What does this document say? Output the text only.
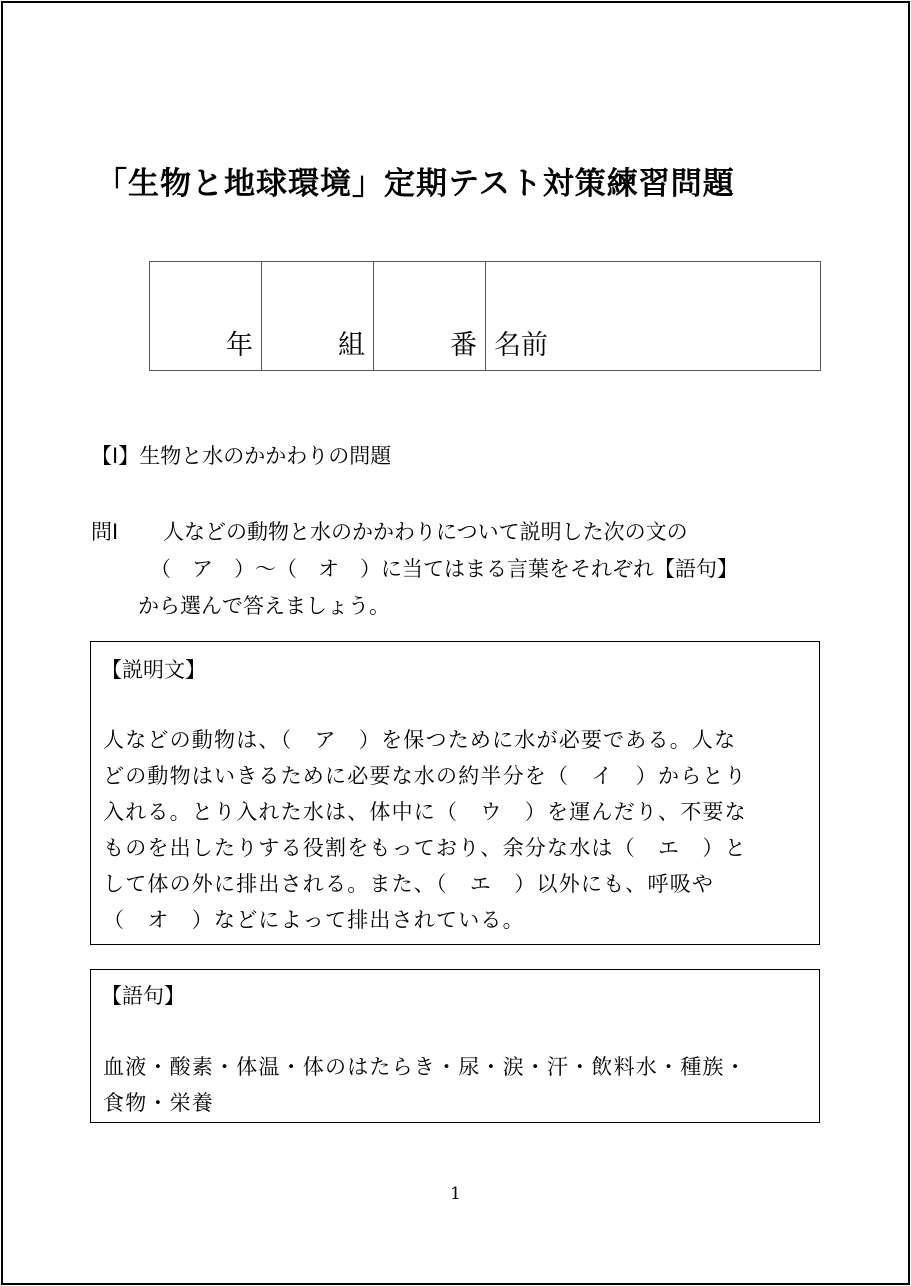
「生物と地球環境」定期テスト対策練習問題
年	組	番	名前
【Ⅰ】生物と水のかかわりの問題
問Ⅰ 人などの動物と水のかかわりについて説明した次の文の
（　ア　）～（　オ　）に当てはまる言葉をそれぞれ【語句】
から選んで答えましょう。
【説明文】
人などの動物は、（　ア　）を保つために水が必要である。人な
どの動物はいきるために必要な水の約半分を（　イ　）からとり
入れる。とり入れた水は、体中に（　ウ　）を運んだり、不要な
ものを出したりする役割をもっており、余分な水は（　エ　）と
して体の外に排出される。また、（　エ　）以外にも、呼吸や
（　オ　）などによって排出されている。
【語句】
血液・酸素・体温・体のはたらき・尿・涙・汗・飲料水・種族・
食物・栄養
1
